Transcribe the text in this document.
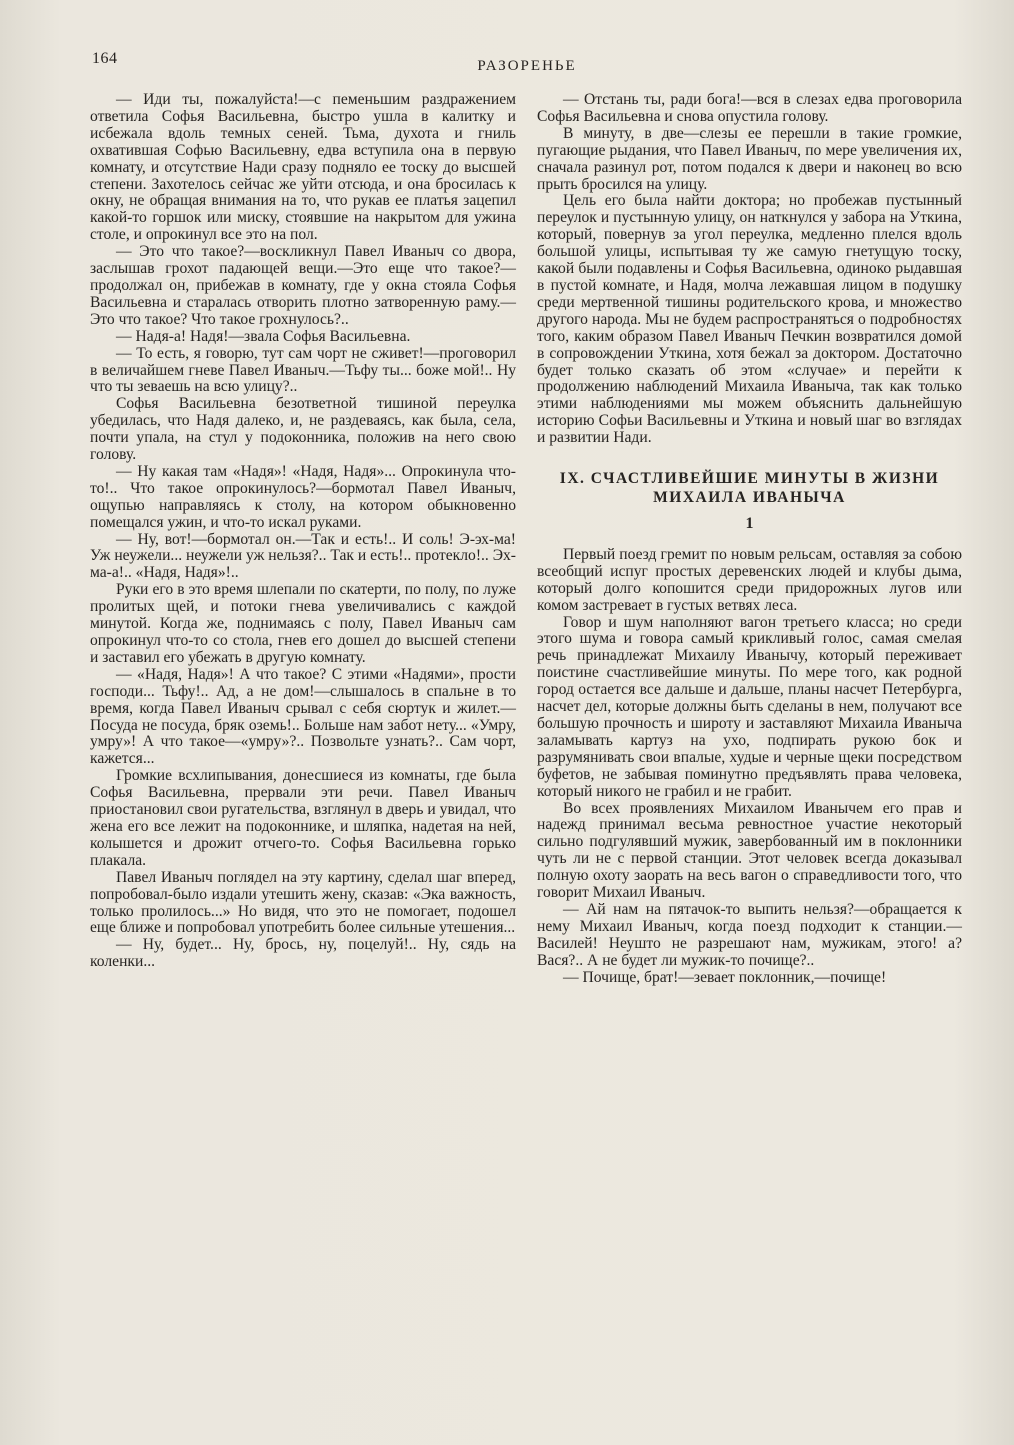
164	РАЗОРЕНЬЕ

— Иди ты, пожалуйста!—с пеменьшим раздражением ответила Софья Васильевна, быстро ушла в калитку и исбежала вдоль темных сеней. Тьма, духота и гниль охватившая Софью Васильевну, едва вступила она в первую комнату, и отсутствие Нади сразу подняло ее тоску до высшей степени. Захотелось сейчас же уйти отсюда, и она бросилась к окну, не обращая внимания на то, что рукав ее платья зацепил какой-то горшок или миску, стоявшие на накрытом для ужина столе, и опрокинул все это на пол.

— Это что такое?—воскликнул Павел Иваныч со двора, заслышав грохот падающей вещи.—Это еще что такое?—продолжал он, прибежав в комнату, где у окна стояла Софья Васильевна и старалась отворить плотно затворенную раму.—Это что такое? Что такое грохнулось?..

— Надя-а! Надя!—звала Софья Васильевна.

— То есть, я говорю, тут сам чорт не сживет!—проговорил в величайшем гневе Павел Иваныч.—Тьфу ты... боже мой!.. Ну что ты зеваешь на всю улицу?..

Софья Васильевна безответной тишиной переулка убедилась, что Надя далеко, и, не раздеваясь, как была, села, почти упала, на стул у подоконника, положив на него свою голову.

— Ну какая там «Надя»! «Надя, Надя»... Опрокинула что-то!.. Что такое опрокинулось?—бормотал Павел Иваныч, ощупью направляясь к столу, на котором обыкновенно помещался ужин, и что-то искал руками.

— Ну, вот!—бормотал он.—Так и есть!.. И соль! Э-эх-ма! Уж неужели... неужели уж нельзя?.. Так и есть!.. протекло!.. Эх-ма-а!.. «Надя, Надя»!..

Руки его в это время шлепали по скатерти, по полу, по луже пролитых щей, и потоки гнева увеличивались с каждой минутой. Когда же, поднимаясь с полу, Павел Иваныч сам опрокинул что-то со стола, гнев его дошел до высшей степени и заставил его убежать в другую комнату.

— «Надя, Надя»! А что такое? С этими «Надями», прости господи... Тьфу!.. Ад, а не дом!—слышалось в спальне в то время, когда Павел Иваныч срывал с себя сюртук и жилет.—Посуда не посуда, бряк оземь!.. Больше нам забот нету... «Умру, умру»! А что такое—«умру»?.. Позвольте узнать?.. Сам чорт, кажется...

Громкие всхлипывания, донесшиеся из комнаты, где была Софья Васильевна, прервали эти речи. Павел Иваныч приостановил свои ругательства, взглянул в дверь и увидал, что жена его все лежит на подоконнике, и шляпка, надетая на ней, колышется и дрожит отчего-то. Софья Васильевна горько плакала.

Павел Иваныч поглядел на эту картину, сделал шаг вперед, попробовал-было издали утешить жену, сказав: «Эка важность, только пролилось...» Но видя, что это не помогает, подошел еще ближе и попробовал употребить более сильные утешения...

— Ну, будет... Ну, брось, ну, поцелуй!.. Ну, сядь на коленки...

— Отстань ты, ради бога!—вся в слезах едва проговорила Софья Васильевна и снова опустила голову.

В минуту, в две—слезы ее перешли в такие громкие, пугающие рыдания, что Павел Иваныч, по мере увеличения их, сначала разинул рот, потом подался к двери и наконец во всю прыть бросился на улицу.

Цель его была найти доктора; но пробежав пустынный переулок и пустынную улицу, он наткнулся у забора на Уткина, который, повернув за угол переулка, медленно плелся вдоль большой улицы, испытывая ту же самую гнетущую тоску, какой были подавлены и Софья Васильевна, одиноко рыдавшая в пустой комнате, и Надя, молча лежавшая лицом в подушку среди мертвенной тишины родительского крова, и множество другого народа. Мы не будем распространяться о подробностях того, каким образом Павел Иваныч Печкин возвратился домой в сопровождении Уткина, хотя бежал за доктором. Достаточно будет только сказать об этом «случае» и перейти к продолжению наблюдений Михаила Иваныча, так как только этими наблюдениями мы можем объяснить дальнейшую историю Софьи Васильевны и Уткина и новый шаг во взглядах и развитии Нади.

IX. СЧАСТЛИВЕЙШИЕ МИНУТЫ В ЖИЗНИ МИХАИЛА ИВАНЫЧА
1

Первый поезд гремит по новым рельсам, оставляя за собою всеобщий испуг простых деревенских людей и клубы дыма, который долго копошится среди придорожных лугов или комом застревает в густых ветвях леса.

Говор и шум наполняют вагон третьего класса; но среди этого шума и говора самый крикливый голос, самая смелая речь принадлежат Михаилу Иванычу, который переживает поистине счастливейшие минуты. По мере того, как родной город остается все дальше и дальше, планы насчет Петербурга, насчет дел, которые должны быть сделаны в нем, получают все большую прочность и широту и заставляют Михаила Иваныча заламывать картуз на ухо, подпирать рукою бок и разрумянивать свои впалые, худые и черные щеки посредством буфетов, не забывая поминутно предъявлять права человека, который никого не грабил и не грабит.

Во всех проявлениях Михаилом Иванычем его прав и надежд принимал весьма ревностное участие некоторый сильно подгулявший мужик, завербованный им в поклонники чуть ли не с первой станции. Этот человек всегда доказывал полную охоту заорать на весь вагон о справедливости того, что говорит Михаил Иваныч.

— Ай нам на пятачок-то выпить нельзя?—обращается к нему Михаил Иваныч, когда поезд подходит к станции.—Василей! Неушто не разрешают нам, мужикам, этого! а? Вася?.. А не будет ли мужик-то почище?..

— Почище, брат!—зевает поклонник,—почище!
